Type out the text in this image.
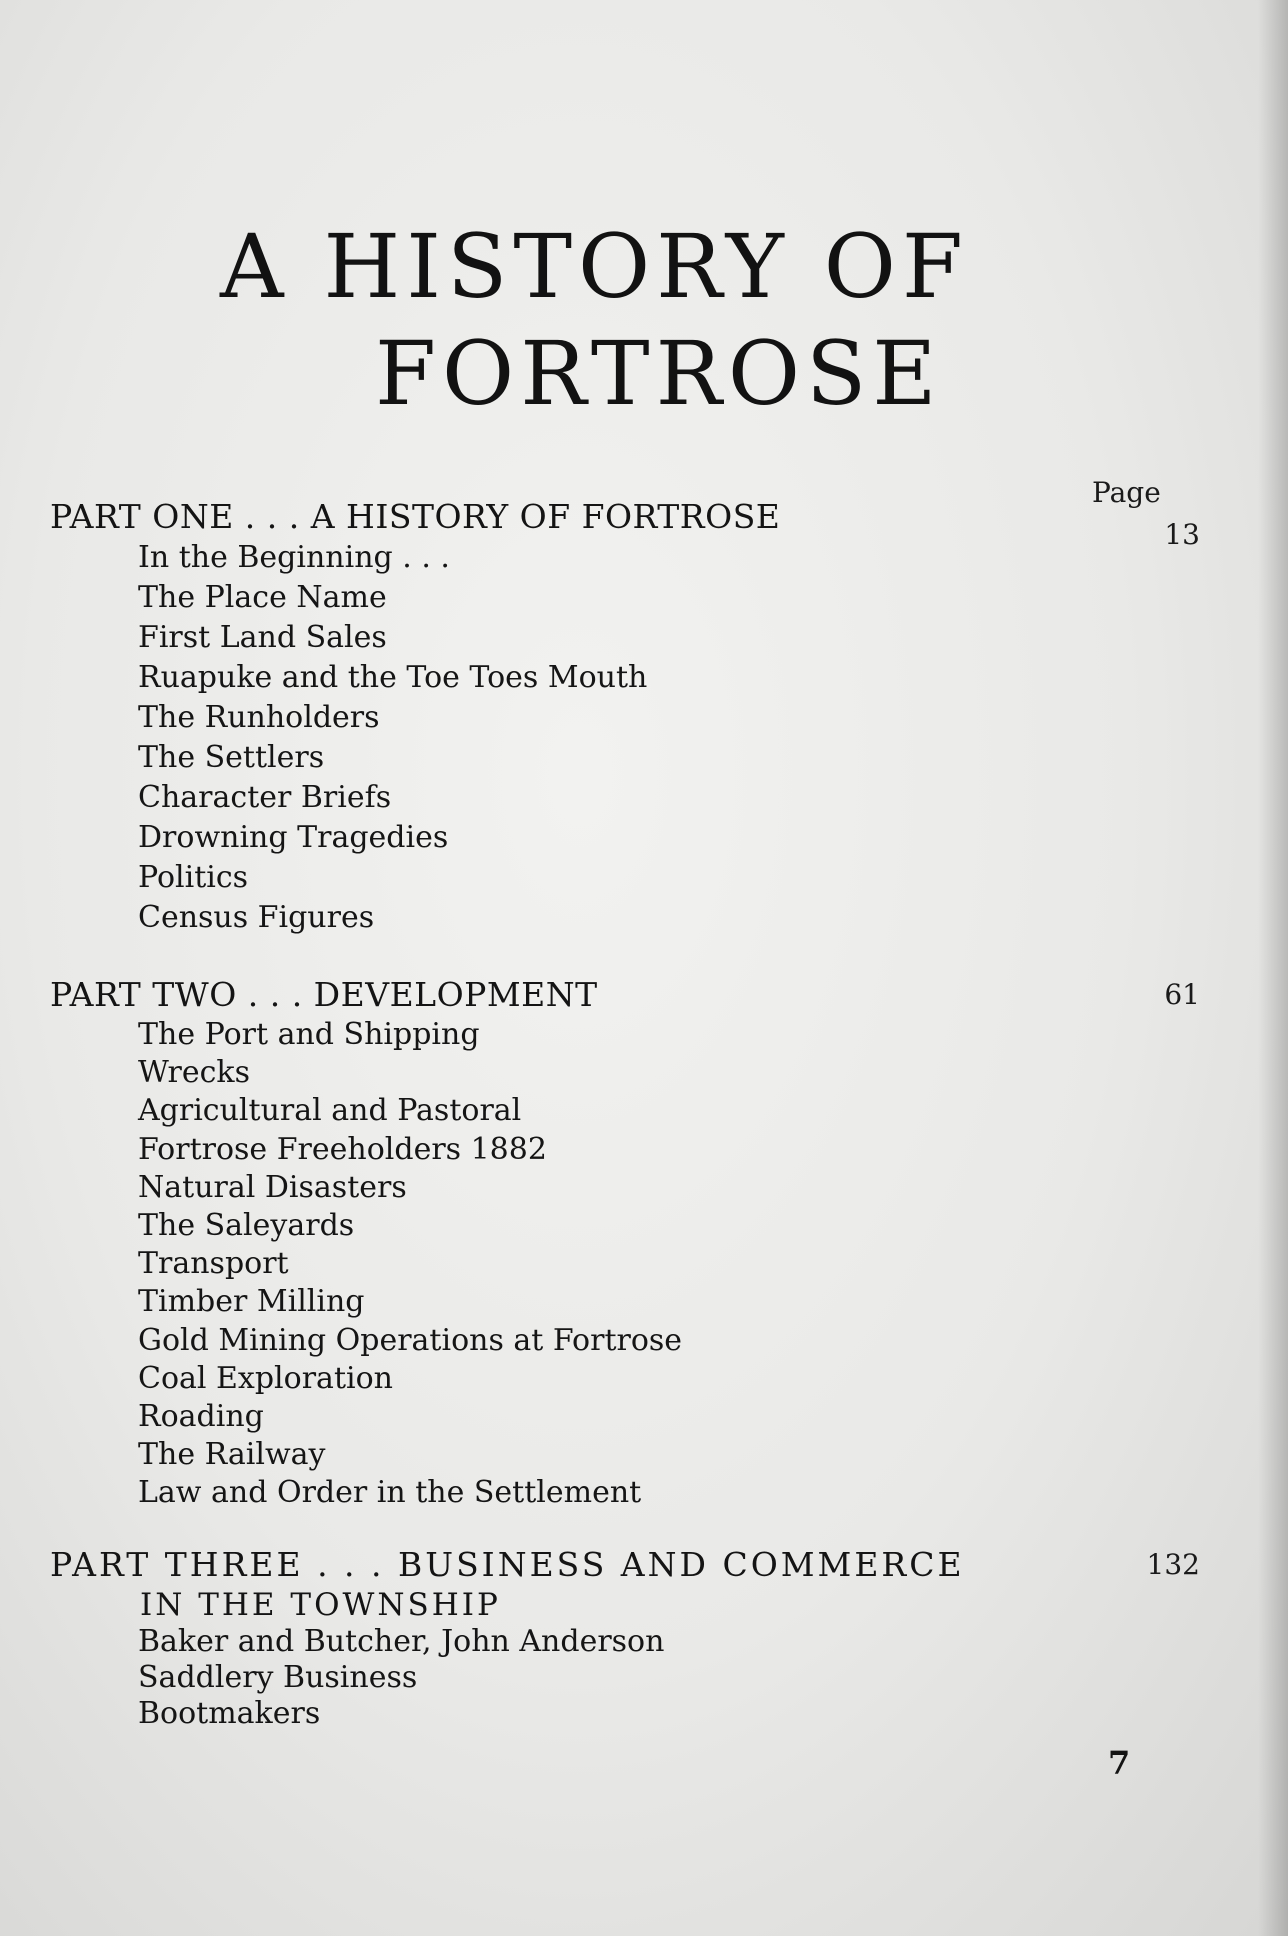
A HISTORY OF
FORTROSE
Page
PART ONE . . . A HISTORY OF FORTROSE	13
In the Beginning . . .
The Place Name
First Land Sales
Ruapuke and the Toe Toes Mouth
The Runholders
The Settlers
Character Briefs
Drowning Tragedies
Politics
Census Figures
PART TWO . . . DEVELOPMENT	61
The Port and Shipping
Wrecks
Agricultural and Pastoral
Fortrose Freeholders 1882
Natural Disasters
The Saleyards
Transport
Timber Milling
Gold Mining Operations at Fortrose
Coal Exploration
Roading
The Railway
Law and Order in the Settlement
PART THREE . . . BUSINESS AND COMMERCE	132
IN THE TOWNSHIP
Baker and Butcher, John Anderson
Saddlery Business
Bootmakers
7
